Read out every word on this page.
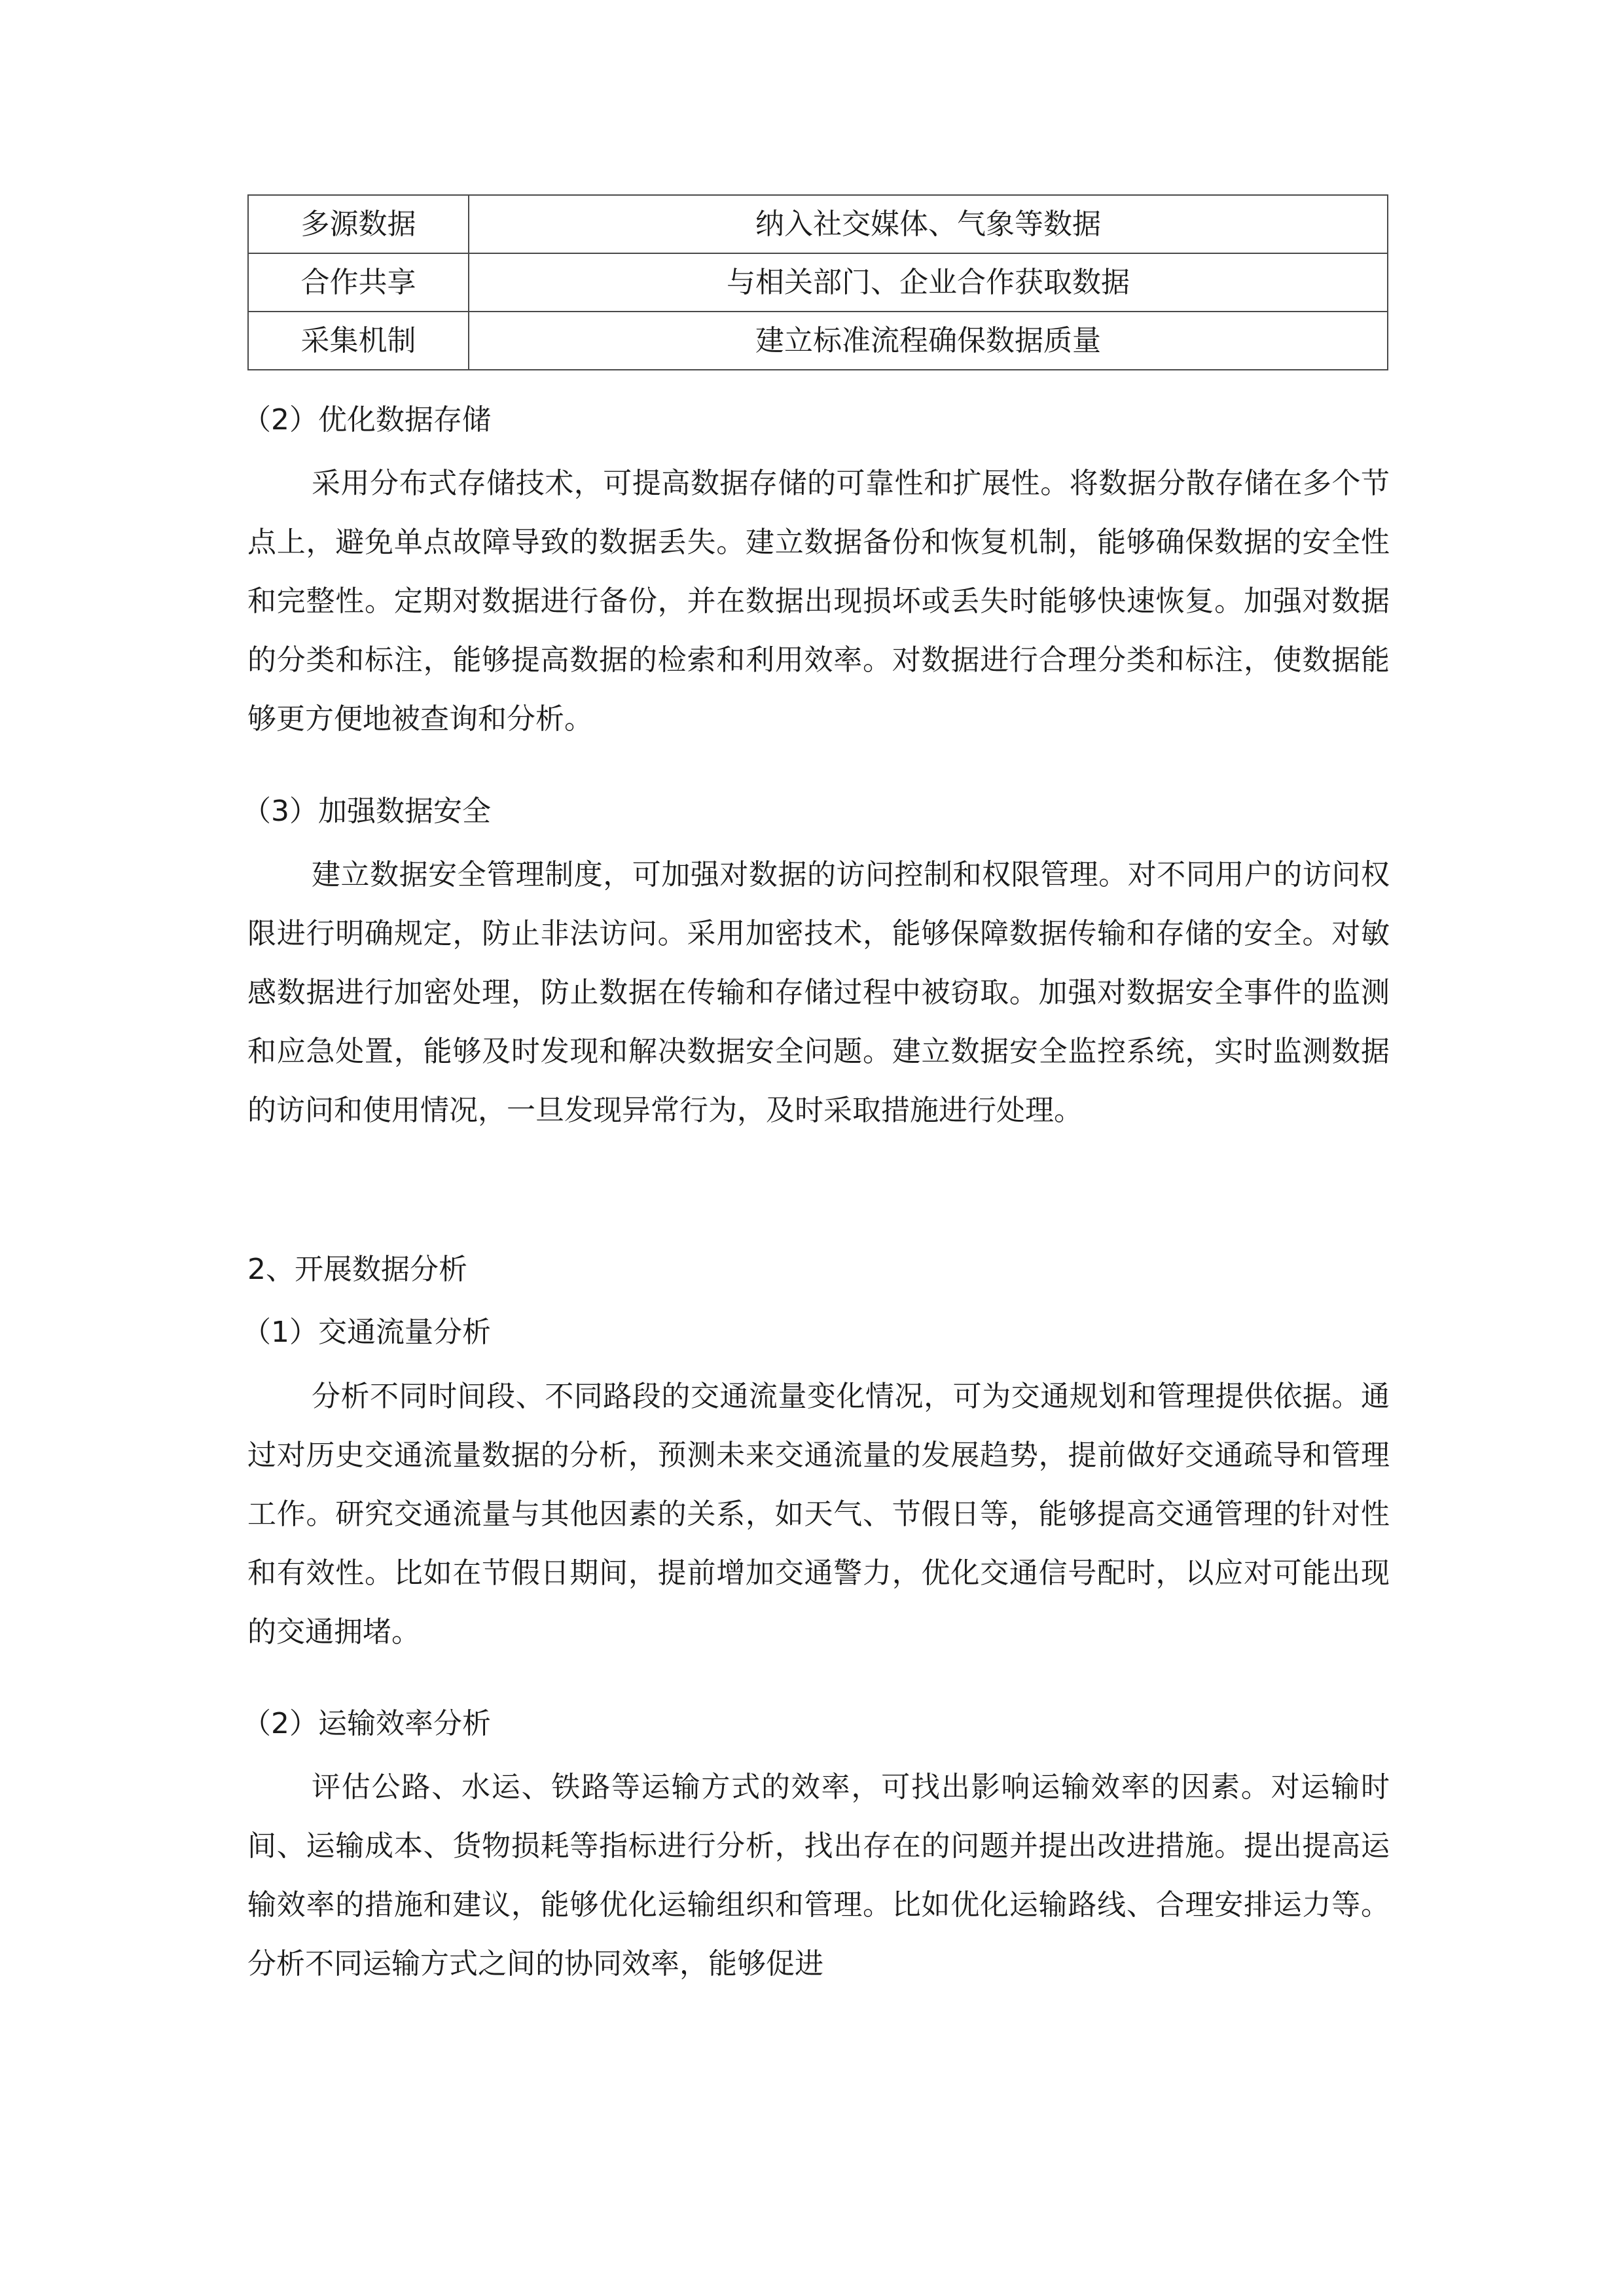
多源数据	纳入社交媒体、气象等数据
合作共享	与相关部门、企业合作获取数据
采集机制	建立标准流程确保数据质量
（2）优化数据存储

采用分布式存储技术，可提高数据存储的可靠性和扩展性。将数据分散存储在多个节点上，避免单点故障导致的数据丢失。建立数据备份和恢复机制，能够确保数据的安全性和完整性。定期对数据进行备份，并在数据出现损坏或丢失时能够快速恢复。加强对数据的分类和标注，能够提高数据的检索和利用效率。对数据进行合理分类和标注，使数据能够更方便地被查询和分析。

（3）加强数据安全

建立数据安全管理制度，可加强对数据的访问控制和权限管理。对不同用户的访问权限进行明确规定，防止非法访问。采用加密技术，能够保障数据传输和存储的安全。对敏感数据进行加密处理，防止数据在传输和存储过程中被窃取。加强对数据安全事件的监测和应急处置，能够及时发现和解决数据安全问题。建立数据安全监控系统，实时监测数据的访问和使用情况，一旦发现异常行为，及时采取措施进行处理。

2、开展数据分析
（1）交通流量分析

分析不同时间段、不同路段的交通流量变化情况，可为交通规划和管理提供依据。通过对历史交通流量数据的分析，预测未来交通流量的发展趋势，提前做好交通疏导和管理工作。研究交通流量与其他因素的关系，如天气、节假日等，能够提高交通管理的针对性和有效性。比如在节假日期间，提前增加交通警力，优化交通信号配时，以应对可能出现的交通拥堵。

（2）运输效率分析

评估公路、水运、铁路等运输方式的效率，可找出影响运输效率的因素。对运输时间、运输成本、货物损耗等指标进行分析，找出存在的问题并提出改进措施。提出提高运输效率的措施和建议，能够优化运输组织和管理。比如优化运输路线、合理安排运力等。分析不同运输方式之间的协同效率，能够促进
